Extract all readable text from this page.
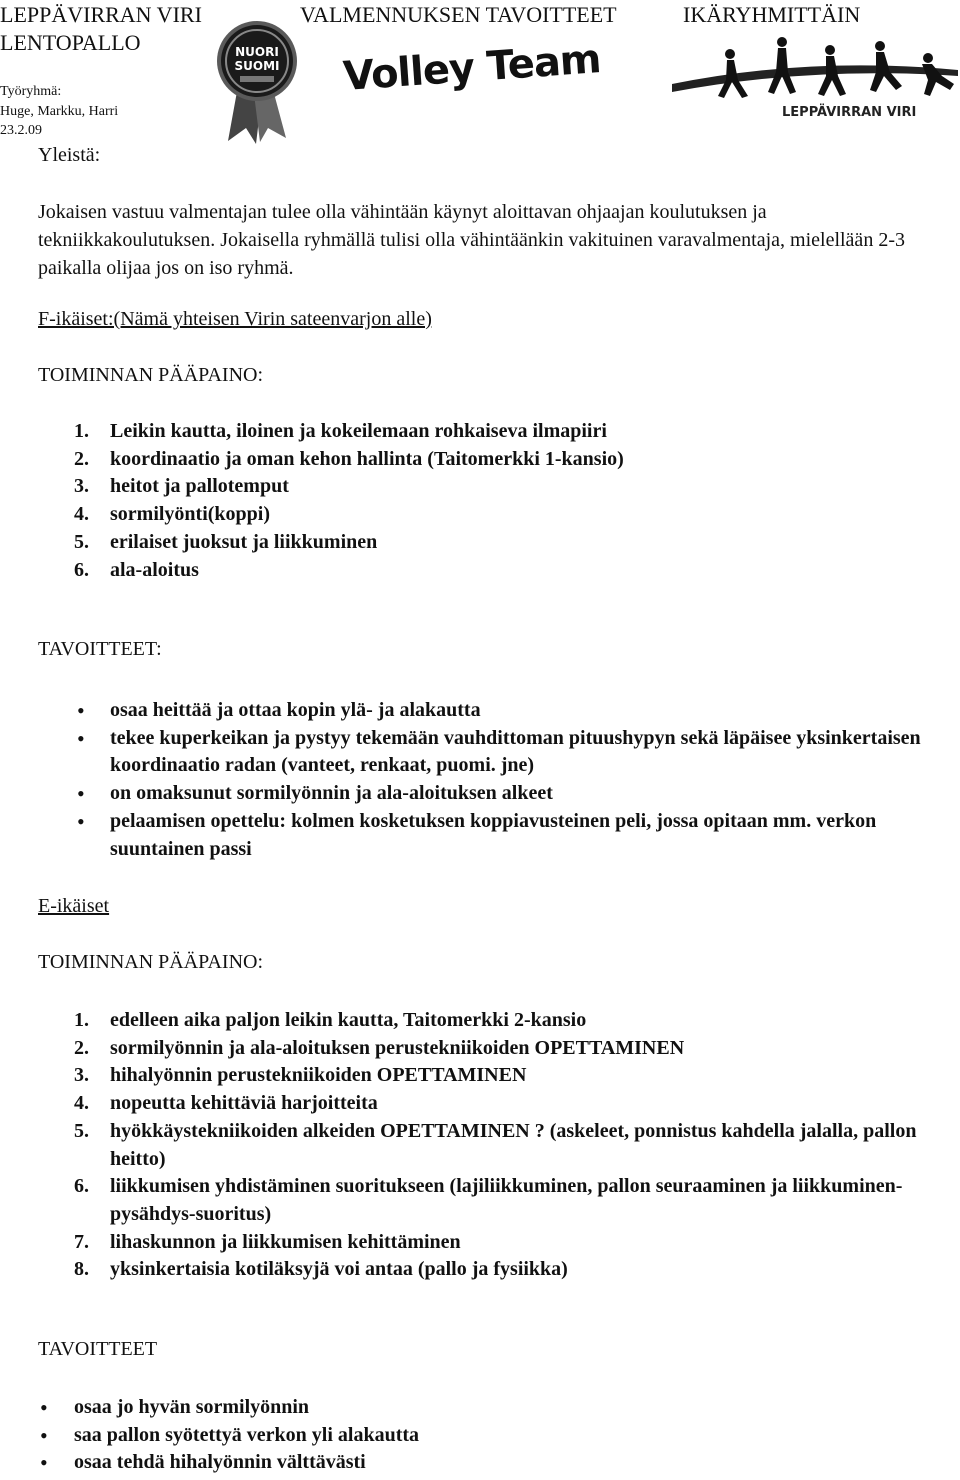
LEPPÄVIRRAN VIRI
LENTOPALLO
VALMENNUKSEN TAVOITTEET	IKÄRYHMITTÄIN
Työryhmä:
Huge, Markku, Harri
23.2.09
NUORI
SUOMI Volley Team
LEPPÄVIRRAN VIRI
Yleistä:
Jokaisen vastuu valmentajan tulee olla vähintään käynyt aloittavan ohjaajan koulutuksen ja tekniikkakoulutuksen. Jokaisella ryhmällä tulisi olla vähintäänkin vakituinen varavalmentaja, mielellään 2-3 paikalla olijaa jos on iso ryhmä.
F-ikäiset:(Nämä yhteisen Virin sateenvarjon alle)
TOIMINNAN PÄÄPAINO:
1.	Leikin kautta, iloinen ja kokeilemaan rohkaiseva ilmapiiri
2.	koordinaatio ja oman kehon hallinta (Taitomerkki 1-kansio)
3.	heitot ja pallotemput
4.	sormilyönti(koppi)
5.	erilaiset juoksut ja liikkuminen
6.	ala-aloitus
TAVOITTEET:
• osaa heittää ja ottaa kopin ylä- ja alakautta
• tekee kuperkeikan ja pystyy tekemään vauhdittoman pituushypyn sekä läpäisee yksinkertaisen koordinaatio radan (vanteet, renkaat, puomi. jne)
• on omaksunut sormilyönnin ja ala-aloituksen alkeet
• pelaamisen opettelu: kolmen kosketuksen koppiavusteinen peli, jossa opitaan mm. verkon suuntainen passi
E-ikäiset
TOIMINNAN PÄÄPAINO:
1.	edelleen aika paljon leikin kautta, Taitomerkki 2-kansio
2.	sormilyönnin ja ala-aloituksen perustekniikoiden OPETTAMINEN
3.	hihalyönnin perustekniikoiden OPETTAMINEN
4.	nopeutta kehittäviä harjoitteita
5.	hyökkäystekniikoiden alkeiden OPETTAMINEN ? (askeleet, ponnistus kahdella jalalla, pallon heitto)
6.	liikkumisen yhdistäminen suoritukseen (lajiliikkuminen, pallon seuraaminen ja liikkuminen-pysähdys-suoritus)
7.	lihaskunnon ja liikkumisen kehittäminen
8.	yksinkertaisia kotiläksyjä voi antaa (pallo ja fysiikka)
TAVOITTEET
• osaa jo hyvän sormilyönnin
• saa pallon syötettyä verkon yli alakautta
• osaa tehdä hihalyönnin välttävästi
